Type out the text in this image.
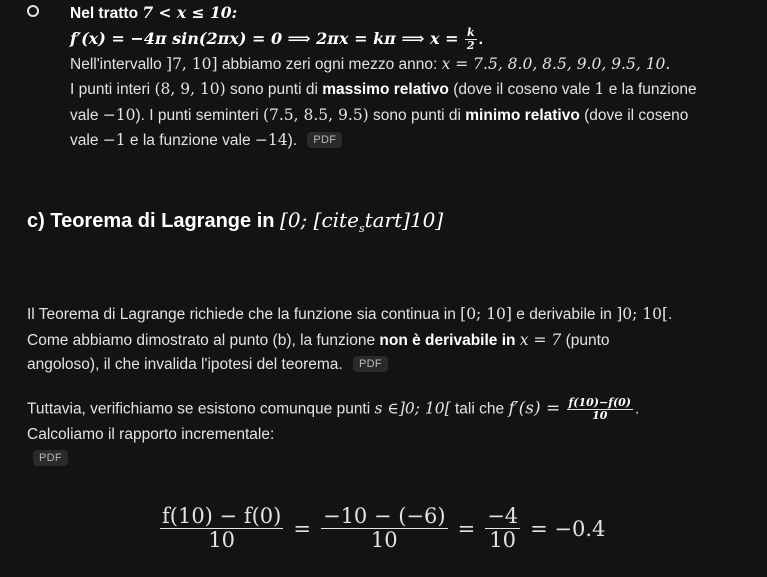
Nel tratto 7 < x ≤ 10:
f′(x) = −4π sin(2πx) = 0 ⟹ 2πx = kπ ⟹ $x = \frac{k}{2}$ .
Nell'intervallo ]7, 10] abbiamo zeri ogni mezzo anno: x = 7.5, 8.0, 8.5, 9.0, 9.5, 10.
I punti interi (8, 9, 10) sono punti di massimo relativo (dove il coseno vale 1 e la funzione
vale −10). I punti seminteri (7.5, 8.5, 9.5) sono punti di minimo relativo (dove il coseno
vale −1 e la funzione vale −14). PDF
c) Teorema di Lagrange in [0; [cite$_s$tart]10]
Il Teorema di Lagrange richiede che la funzione sia continua in [0; 10] e derivabile in ]0; 10[.
Come abbiamo dimostrato al punto (b), la funzione non è derivabile in x = 7 (punto
angoloso), il che invalida l'ipotesi del teorema. PDF
Tuttavia, verifichiamo se esistono comunque punti s ∈]0; 10[ tali che $f'(s) = \frac{f(10)-f(0)}{10}$ .
Calcoliamo il rapporto incrementale:
PDF
$\frac{f(10) - f(0)}{10} = \frac{-10 - (-6)}{10} = \frac{-4}{10} = -0.4$
